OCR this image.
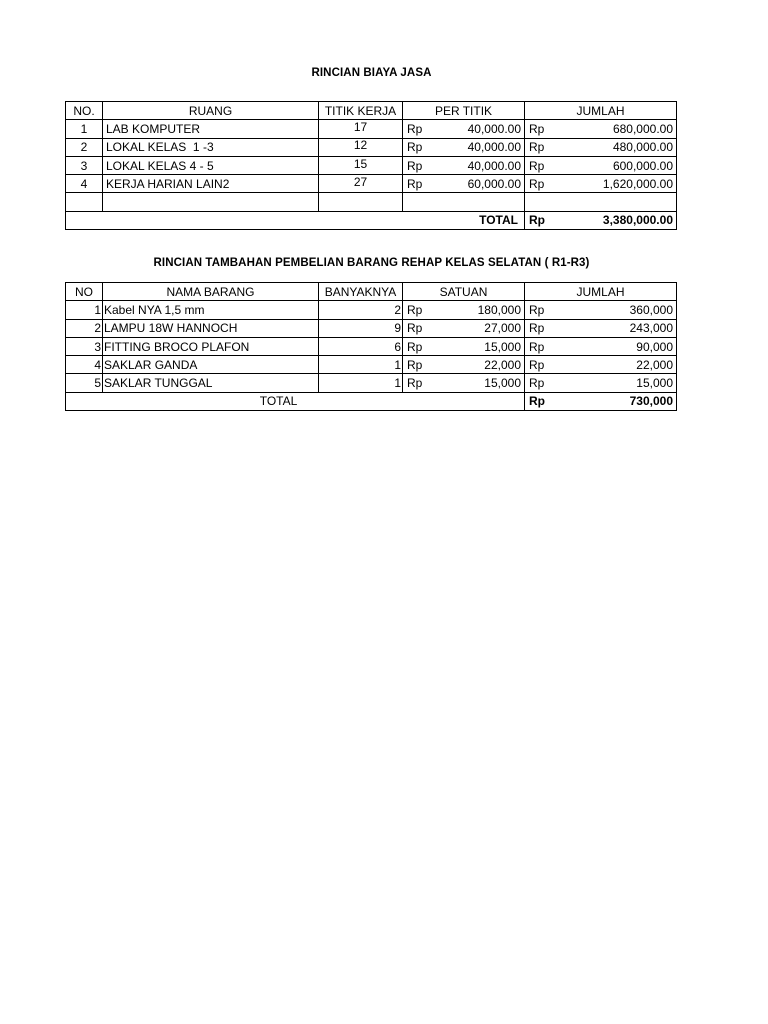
RINCIAN BIAYA JASA
NO.	RUANG	TITIK KERJA	PER TITIK		JUMLAH	
1	LAB KOMPUTER	17	Rp	40,000.00	Rp	680,000.00
2	LOKAL KELAS  1 -3	12	Rp	40,000.00	Rp	480,000.00
3	LOKAL KELAS 4 - 5	15	Rp	40,000.00	Rp	600,000.00
4	KERJA HARIAN LAIN2	27	Rp	60,000.00	Rp	1,620,000.00

TOTAL					Rp	3,380,000.00
RINCIAN TAMBAHAN PEMBELIAN BARANG REHAP KELAS SELATAN ( R1-R3)
NO	NAMA BARANG	BANYAKNYA	SATUAN		JUMLAH	
1	Kabel NYA 1,5 mm	2	Rp	180,000	Rp	360,000
2	LAMPU 18W HANNOCH	9	Rp	27,000	Rp	243,000
3	FITTING BROCO PLAFON	6	Rp	15,000	Rp	90,000
4	SAKLAR GANDA	1	Rp	22,000	Rp	22,000
5	SAKLAR TUNGGAL	1	Rp	15,000	Rp	15,000
TOTAL					Rp	730,000
